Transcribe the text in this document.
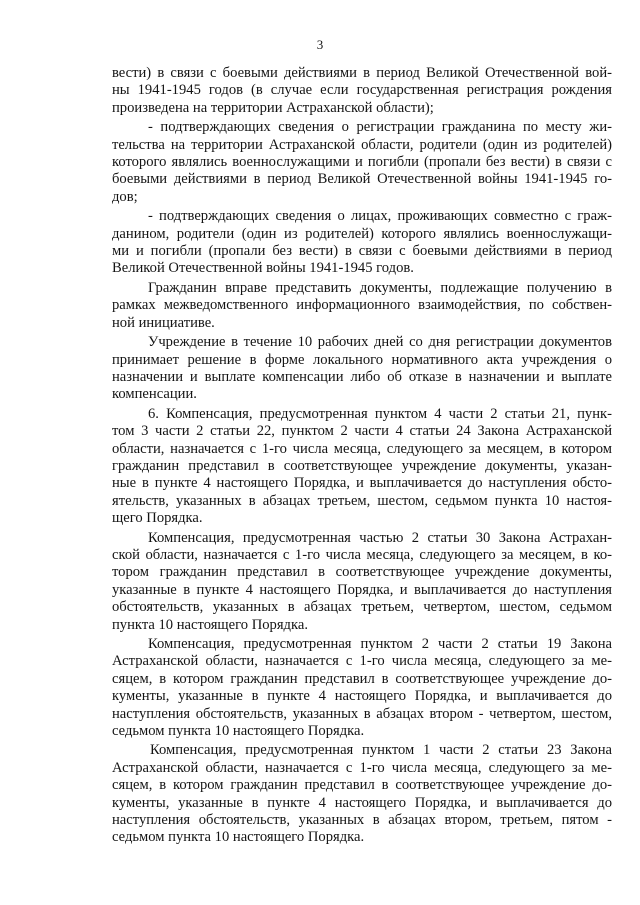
3
вести) в связи с боевыми действиями в период Великой Отечественной вой-
ны 1941-1945 годов (в случае если государственная регистрация рождения
произведена на территории Астраханской области);
- подтверждающих сведения о регистрации гражданина по месту жи-
тельства на территории Астраханской области, родители (один из родителей)
которого являлись военнослужащими и погибли (пропали без вести) в связи с
боевыми действиями в период Великой Отечественной войны 1941-1945 го-
дов;
- подтверждающих сведения о лицах, проживающих совместно с граж-
данином, родители (один из родителей) которого являлись военнослужащи-
ми и погибли (пропали без вести) в связи с боевыми действиями в период
Великой Отечественной войны 1941-1945 годов.
Гражданин вправе представить документы, подлежащие получению в
рамках межведомственного информационного взаимодействия, по собствен-
ной инициативе.
Учреждение в течение 10 рабочих дней со дня регистрации документов
принимает решение в форме локального нормативного акта учреждения о
назначении и выплате компенсации либо об отказе в назначении и выплате
компенсации.
6. Компенсация, предусмотренная пунктом 4 части 2 статьи 21, пунк-
том 3 части 2 статьи 22, пунктом 2 части 4 статьи 24 Закона Астраханской
области, назначается с 1-го числа месяца, следующего за месяцем, в котором
гражданин представил в соответствующее учреждение документы, указан-
ные в пункте 4 настоящего Порядка, и выплачивается до наступления обсто-
ятельств, указанных в абзацах третьем, шестом, седьмом пункта 10 настоя-
щего Порядка.
Компенсация, предусмотренная частью 2 статьи 30 Закона Астрахан-
ской области, назначается с 1-го числа месяца, следующего за месяцем, в ко-
тором гражданин представил в соответствующее учреждение документы,
указанные в пункте 4 настоящего Порядка, и выплачивается до наступления
обстоятельств, указанных в абзацах третьем, четвертом, шестом, седьмом
пункта 10 настоящего Порядка.
Компенсация, предусмотренная пунктом 2 части 2 статьи 19 Закона
Астраханской области, назначается с 1-го числа месяца, следующего за ме-
сяцем, в котором гражданин представил в соответствующее учреждение до-
кументы, указанные в пункте 4 настоящего Порядка, и выплачивается до
наступления обстоятельств, указанных в абзацах втором - четвертом, шестом,
седьмом пункта 10 настоящего Порядка.
Компенсация, предусмотренная пунктом 1 части 2 статьи 23 Закона
Астраханской области, назначается с 1-го числа месяца, следующего за ме-
сяцем, в котором гражданин представил в соответствующее учреждение до-
кументы, указанные в пункте 4 настоящего Порядка, и выплачивается до
наступления обстоятельств, указанных в абзацах втором, третьем, пятом -
седьмом пункта 10 настоящего Порядка.
